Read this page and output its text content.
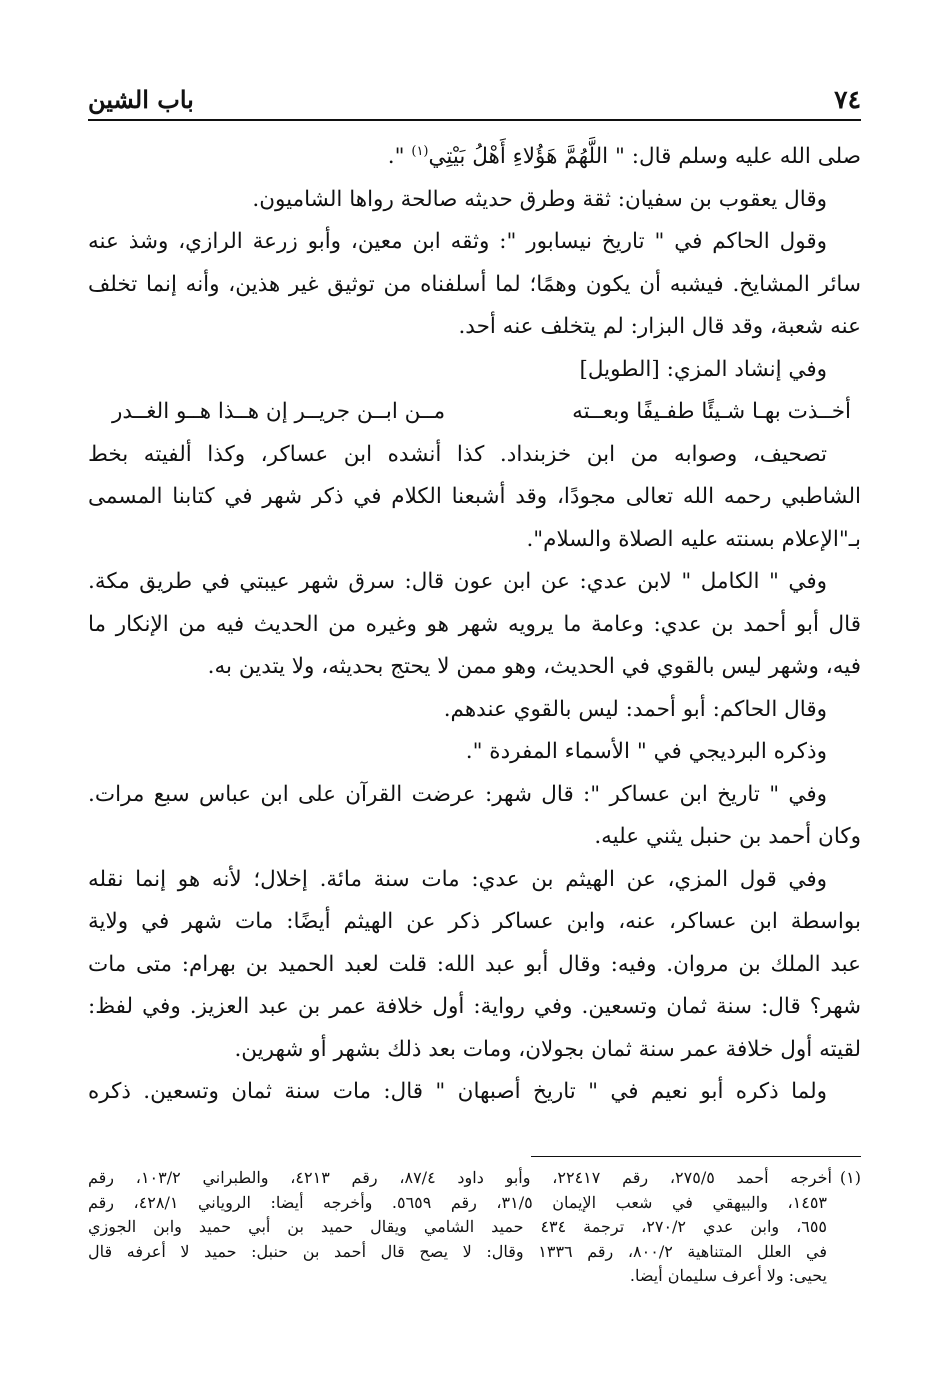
٧٤
باب الشين
صلى الله عليه وسلم قال: " اللَّهُمَّ هَؤُلاءِ أَهْلُ بَيْتِي$^{(١)}$ ".
وقال يعقوب بن سفيان: ثقة وطرق حديثه صالحة رواها الشاميون.
وقول الحاكم في " تاريخ نيسابور ": وثقه ابن معين، وأبو زرعة الرازي، وشذ عنه
سائر المشايخ. فيشبه أن يكون وهمًا؛ لما أسلفناه من توثيق غير هذين، وأنه إنما تخلف
عنه شعبة، وقد قال البزار: لم يتخلف عنه أحد.
وفي إنشاد المزي: [الطويل]
أخــذت بهـا شـيئًا طفـيفًا وبعــته
مــن ابــن جريــر إن هــذا هــو الغــدر
تصحيف، وصوابه من ابن خزبنداد. كذا أنشده ابن عساكر، وكذا ألفيته بخط
الشاطبي رحمه الله تعالى مجودًا، وقد أشبعنا الكلام في ذكر شهر في كتابنا المسمى
بـ"الإعلام بسنته عليه الصلاة والسلام".
وفي " الكامل " لابن عدي: عن ابن عون قال: سرق شهر عيبتي في طريق مكة.
قال أبو أحمد بن عدي: وعامة ما يرويه شهر هو وغيره من الحديث فيه من الإنكار ما
فيه، وشهر ليس بالقوي في الحديث، وهو ممن لا يحتج بحديثه، ولا يتدين به.
وقال الحاكم: أبو أحمد: ليس بالقوي عندهم.
وذكره البرديجي في " الأسماء المفردة ".
وفي " تاريخ ابن عساكر ": قال شهر: عرضت القرآن على ابن عباس سبع مرات.
وكان أحمد بن حنبل يثني عليه.
وفي قول المزي، عن الهيثم بن عدي: مات سنة مائة. إخلال؛ لأنه هو إنما نقله
بواسطة ابن عساكر، عنه، وابن عساكر ذكر عن الهيثم أيضًا: مات شهر في ولاية
عبد الملك بن مروان. وفيه: وقال أبو عبد الله: قلت لعبد الحميد بن بهرام: متى مات
شهر؟ قال: سنة ثمان وتسعين. وفي رواية: أول خلافة عمر بن عبد العزيز. وفي لفظ:
لقيته أول خلافة عمر سنة ثمان بجولان، ومات بعد ذلك بشهر أو شهرين.
ولما ذكره أبو نعيم في " تاريخ أصبهان " قال: مات سنة ثمان وتسعين. ذكره
(١)أخرجه أحمد ٢٧٥/٥، رقم ٢٢٤١٧، وأبو داود ٨٧/٤، رقم ٤٢١٣، والطبراني ١٠٣/٢، رقم
١٤٥٣، والبيهقي في شعب الإيمان ٣١/٥، رقم ٥٦٥٩. وأخرجه أيضا: الروياني ٤٢٨/١، رقم
٦٥٥، وابن عدي ٢٧٠/٢، ترجمة ٤٣٤ حميد الشامي ويقال حميد بن أبي حميد وابن الجوزي
في العلل المتناهية ٨٠٠/٢، رقم ١٣٣٦ وقال: لا يصح قال أحمد بن حنبل: حميد لا أعرفه قال
يحيى: ولا أعرف سليمان أيضا.
